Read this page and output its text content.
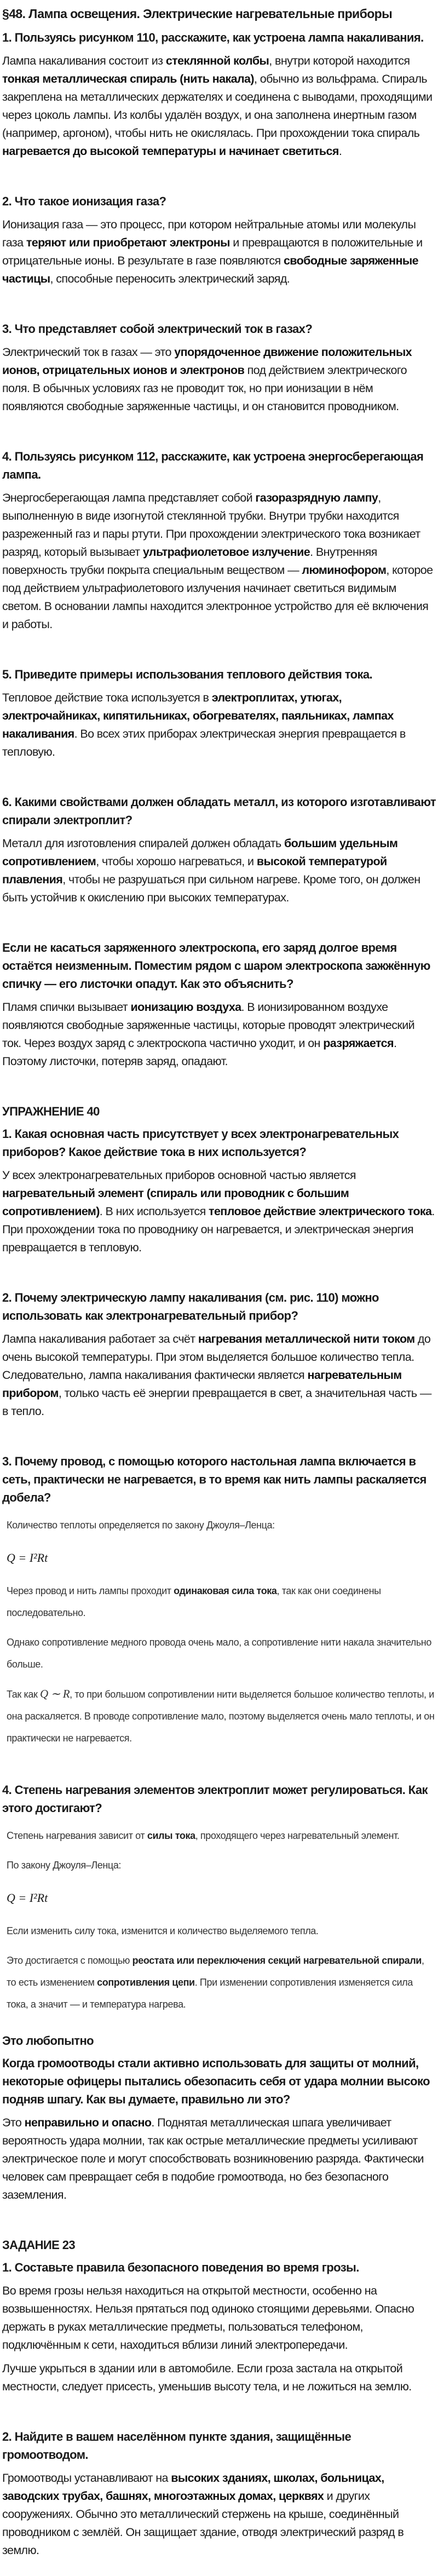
§48. Лампа освещения. Электрические нагревательные приборы
1. Пользуясь рисунком 110, расскажите, как устроена лампа накаливания.

Лампа накаливания состоит из стеклянной колбы, внутри которой находится тонкая металлическая спираль (нить накала), обычно из вольфрама. Спираль закреплена на металлических держателях и соединена с выводами, проходящими через цоколь лампы. Из колбы удалён воздух, и она заполнена инертным газом (например, аргоном), чтобы нить не окислялась. При прохождении тока спираль нагревается до высокой температуры и начинает светиться.

2. Что такое ионизация газа?

Ионизация газа — это процесс, при котором нейтральные атомы или молекулы газа теряют или приобретают электроны и превращаются в положительные и отрицательные ионы. В результате в газе появляются свободные заряженные частицы, способные переносить электрический заряд.

3. Что представляет собой электрический ток в газах?

Электрический ток в газах — это упорядоченное движение положительных ионов, отрицательных ионов и электронов под действием электрического поля. В обычных условиях газ не проводит ток, но при ионизации в нём появляются свободные заряженные частицы, и он становится проводником.

4. Пользуясь рисунком 112, расскажите, как устроена энергосберегающая лампа.

Энергосберегающая лампа представляет собой газоразрядную лампу, выполненную в виде изогнутой стеклянной трубки. Внутри трубки находится разреженный газ и пары ртути. При прохождении электрического тока возникает разряд, который вызывает ультрафиолетовое излучение. Внутренняя поверхность трубки покрыта специальным веществом — люминофором, которое под действием ультрафиолетового излучения начинает светиться видимым светом. В основании лампы находится электронное устройство для её включения и работы.

5. Приведите примеры использования теплового действия тока.

Тепловое действие тока используется в электроплитах, утюгах, электрочайниках, кипятильниках, обогревателях, паяльниках, лампах накаливания. Во всех этих приборах электрическая энергия превращается в тепловую.

6. Какими свойствами должен обладать металл, из которого изготавливают спирали электроплит?

Металл для изготовления спиралей должен обладать большим удельным сопротивлением, чтобы хорошо нагреваться, и высокой температурой плавления, чтобы не разрушаться при сильном нагреве. Кроме того, он должен быть устойчив к окислению при высоких температурах.

Если не касаться заряженного электроскопа, его заряд долгое время остаётся неизменным. Поместим рядом с шаром электроскопа зажжённую спичку — его листочки опадут. Как это объяснить?

Пламя спички вызывает ионизацию воздуха. В ионизированном воздухе появляются свободные заряженные частицы, которые проводят электрический ток. Через воздух заряд с электроскопа частично уходит, и он разряжается. Поэтому листочки, потеряв заряд, опадают.

УПРАЖНЕНИЕ 40
1. Какая основная часть присутствует у всех электронагревательных приборов? Какое действие тока в них используется?

У всех электронагревательных приборов основной частью является нагревательный элемент (спираль или проводник с большим сопротивлением). В них используется тепловое действие электрического тока. При прохождении тока по проводнику он нагревается, и электрическая энергия превращается в тепловую.

2. Почему электрическую лампу накаливания (см. рис. 110) можно использовать как электронагревательный прибор?

Лампа накаливания работает за счёт нагревания металлической нити током до очень высокой температуры. При этом выделяется большое количество тепла. Следовательно, лампа накаливания фактически является нагревательным прибором, только часть её энергии превращается в свет, а значительная часть — в тепло.

3. Почему провод, с помощью которого настольная лампа включается в сеть, практически не нагревается, в то время как нить лампы раскаляется добела?

Количество теплоты определяется по закону Джоуля–Ленца:

Q = I²Rt

Через провод и нить лампы проходит одинаковая сила тока, так как они соединены последовательно.

Однако сопротивление медного провода очень мало, а сопротивление нити накала значительно больше.

Так как Q ∼ R, то при большом сопротивлении нити выделяется большое количество теплоты, и она раскаляется. В проводе сопротивление мало, поэтому выделяется очень мало теплоты, и он практически не нагревается.

4. Степень нагревания элементов электроплит может регулироваться. Как этого достигают?

Степень нагревания зависит от силы тока, проходящего через нагревательный элемент.

По закону Джоуля–Ленца:

Q = I²Rt

Если изменить силу тока, изменится и количество выделяемого тепла.

Это достигается с помощью реостата или переключения секций нагревательной спирали, то есть изменением сопротивления цепи. При изменении сопротивления изменяется сила тока, а значит — и температура нагрева.

Это любопытно
Когда громоотводы стали активно использовать для защиты от молний, некоторые офицеры пытались обезопасить себя от удара молнии высоко подняв шпагу. Как вы думаете, правильно ли это?

Это неправильно и опасно. Поднятая металлическая шпага увеличивает вероятность удара молнии, так как острые металлические предметы усиливают электрическое поле и могут способствовать возникновению разряда. Фактически человек сам превращает себя в подобие громоотвода, но без безопасного заземления.

ЗАДАНИЕ 23
1. Составьте правила безопасного поведения во время грозы.

Во время грозы нельзя находиться на открытой местности, особенно на возвышенностях. Нельзя прятаться под одиноко стоящими деревьями. Опасно держать в руках металлические предметы, пользоваться телефоном, подключённым к сети, находиться вблизи линий электропередачи.

Лучше укрыться в здании или в автомобиле. Если гроза застала на открытой местности, следует присесть, уменьшив высоту тела, и не ложиться на землю.

2. Найдите в вашем населённом пункте здания, защищённые громоотводом.

Громоотводы устанавливают на высоких зданиях, школах, больницах, заводских трубах, башнях, многоэтажных домах, церквях и других сооружениях. Обычно это металлический стержень на крыше, соединённый проводником с землёй. Он защищает здание, отводя электрический разряд в землю.
